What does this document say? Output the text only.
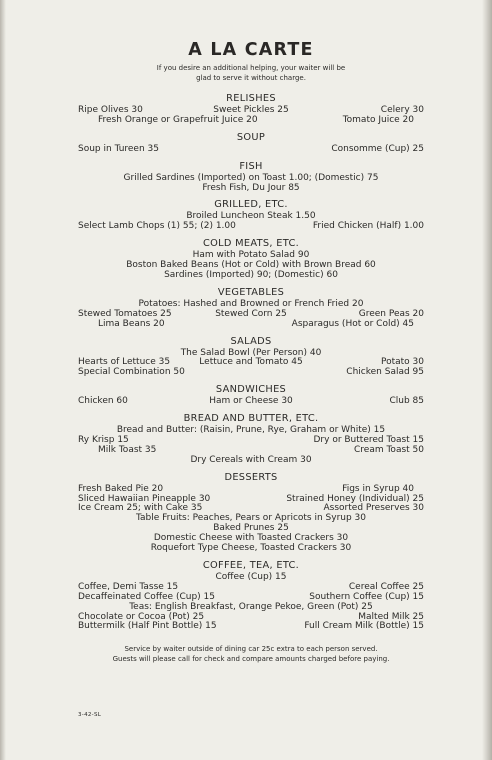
A LA CARTE
If you desire an additional helping, your waiter will be
glad to serve it without charge.
RELISHES
Ripe Olives 30	Sweet Pickles 25	Celery 30
Fresh Orange or Grapefruit Juice 20	Tomato Juice 20
SOUP
Soup in Tureen 35	Consomme (Cup) 25
FISH
Grilled Sardines (Imported) on Toast 1.00; (Domestic) 75
Fresh Fish, Du Jour 85
GRILLED, ETC.
Broiled Luncheon Steak 1.50
Select Lamb Chops (1) 55; (2) 1.00	Fried Chicken (Half) 1.00
COLD MEATS, ETC.
Ham with Potato Salad 90
Boston Baked Beans (Hot or Cold) with Brown Bread 60
Sardines (Imported) 90; (Domestic) 60
VEGETABLES
Potatoes: Hashed and Browned or French Fried 20
Stewed Tomatoes 25	Stewed Corn 25	Green Peas 20
Lima Beans 20	Asparagus (Hot or Cold) 45
SALADS
The Salad Bowl (Per Person) 40
Hearts of Lettuce 35	Lettuce and Tomato 45	Potato 30
Special Combination 50	Chicken Salad 95
SANDWICHES
Chicken 60	Ham or Cheese 30	Club 85
BREAD AND BUTTER, ETC.
Bread and Butter: (Raisin, Prune, Rye, Graham or White) 15
Ry Krisp 15	Dry or Buttered Toast 15
Milk Toast 35	Cream Toast 50
Dry Cereals with Cream 30
DESSERTS
Fresh Baked Pie 20	Figs in Syrup 40
Sliced Hawaiian Pineapple 30	Strained Honey (Individual) 25
Ice Cream 25; with Cake 35	Assorted Preserves 30
Table Fruits: Peaches, Pears or Apricots in Syrup 30
Baked Prunes 25
Domestic Cheese with Toasted Crackers 30
Roquefort Type Cheese, Toasted Crackers 30
COFFEE, TEA, ETC.
Coffee (Cup) 15
Coffee, Demi Tasse 15	Cereal Coffee 25
Decaffeinated Coffee (Cup) 15	Southern Coffee (Cup) 15
Teas: English Breakfast, Orange Pekoe, Green (Pot) 25
Chocolate or Cocoa (Pot) 25	Malted Milk 25
Buttermilk (Half Pint Bottle) 15	Full Cream Milk (Bottle) 15
Service by waiter outside of dining car 25c extra to each person served.
Guests will please call for check and compare amounts charged before paying.
3-42-SL
